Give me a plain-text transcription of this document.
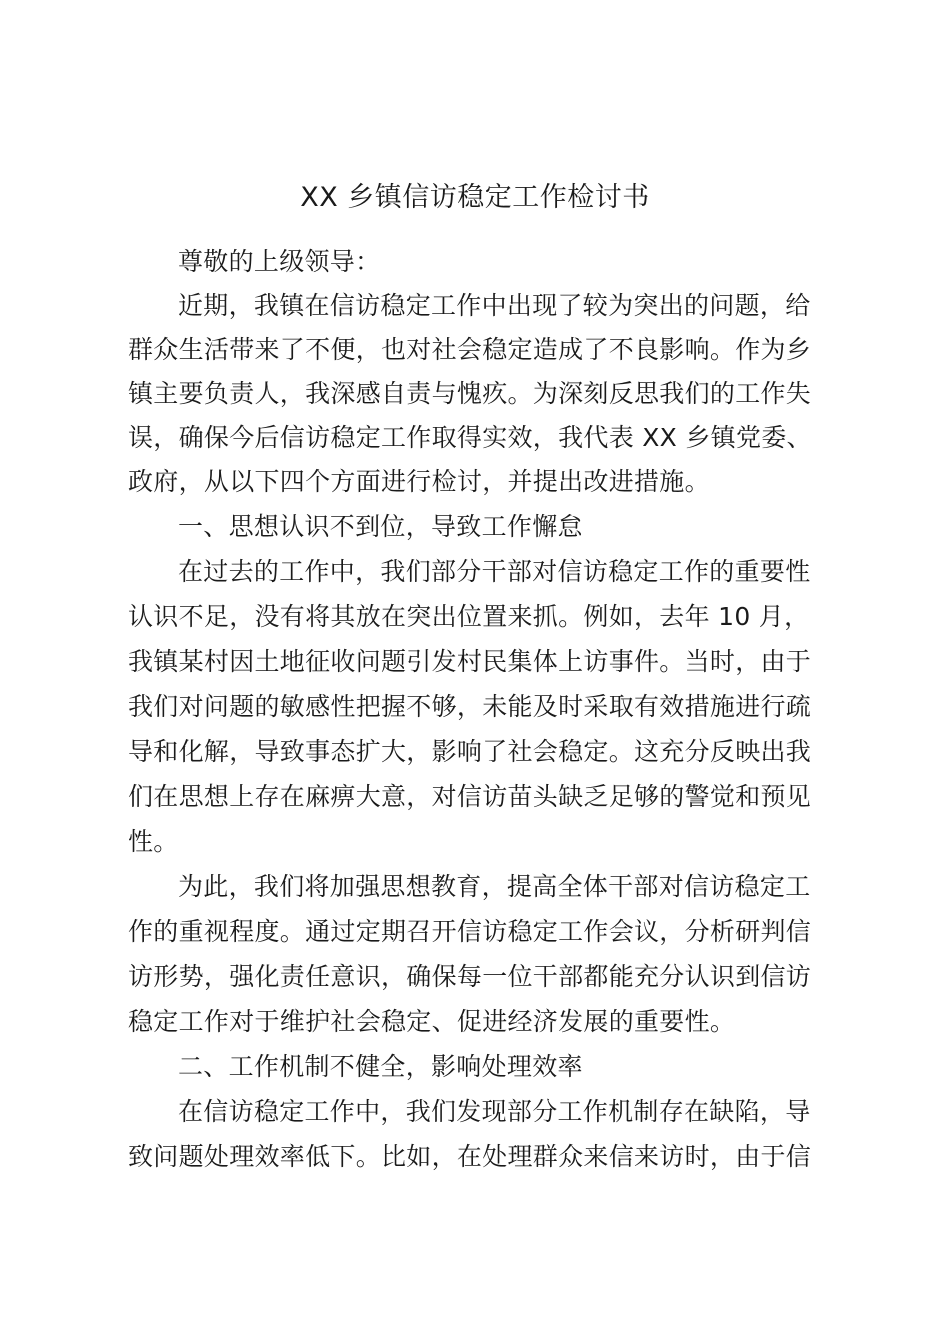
XX 乡镇信访稳定工作检讨书
尊敬的上级领导：
近期，我镇在信访稳定工作中出现了较为突出的问题，给
群众生活带来了不便，也对社会稳定造成了不良影响。作为乡
镇主要负责人，我深感自责与愧疚。为深刻反思我们的工作失
误，确保今后信访稳定工作取得实效，我代表 XX 乡镇党委、
政府，从以下四个方面进行检讨，并提出改进措施。
一、思想认识不到位，导致工作懈怠
在过去的工作中，我们部分干部对信访稳定工作的重要性
认识不足，没有将其放在突出位置来抓。例如，去年 10 月，
我镇某村因土地征收问题引发村民集体上访事件。当时，由于
我们对问题的敏感性把握不够，未能及时采取有效措施进行疏
导和化解，导致事态扩大，影响了社会稳定。这充分反映出我
们在思想上存在麻痹大意，对信访苗头缺乏足够的警觉和预见
性。
为此，我们将加强思想教育，提高全体干部对信访稳定工
作的重视程度。通过定期召开信访稳定工作会议，分析研判信
访形势，强化责任意识，确保每一位干部都能充分认识到信访
稳定工作对于维护社会稳定、促进经济发展的重要性。
二、工作机制不健全，影响处理效率
在信访稳定工作中，我们发现部分工作机制存在缺陷，导
致问题处理效率低下。比如，在处理群众来信来访时，由于信
